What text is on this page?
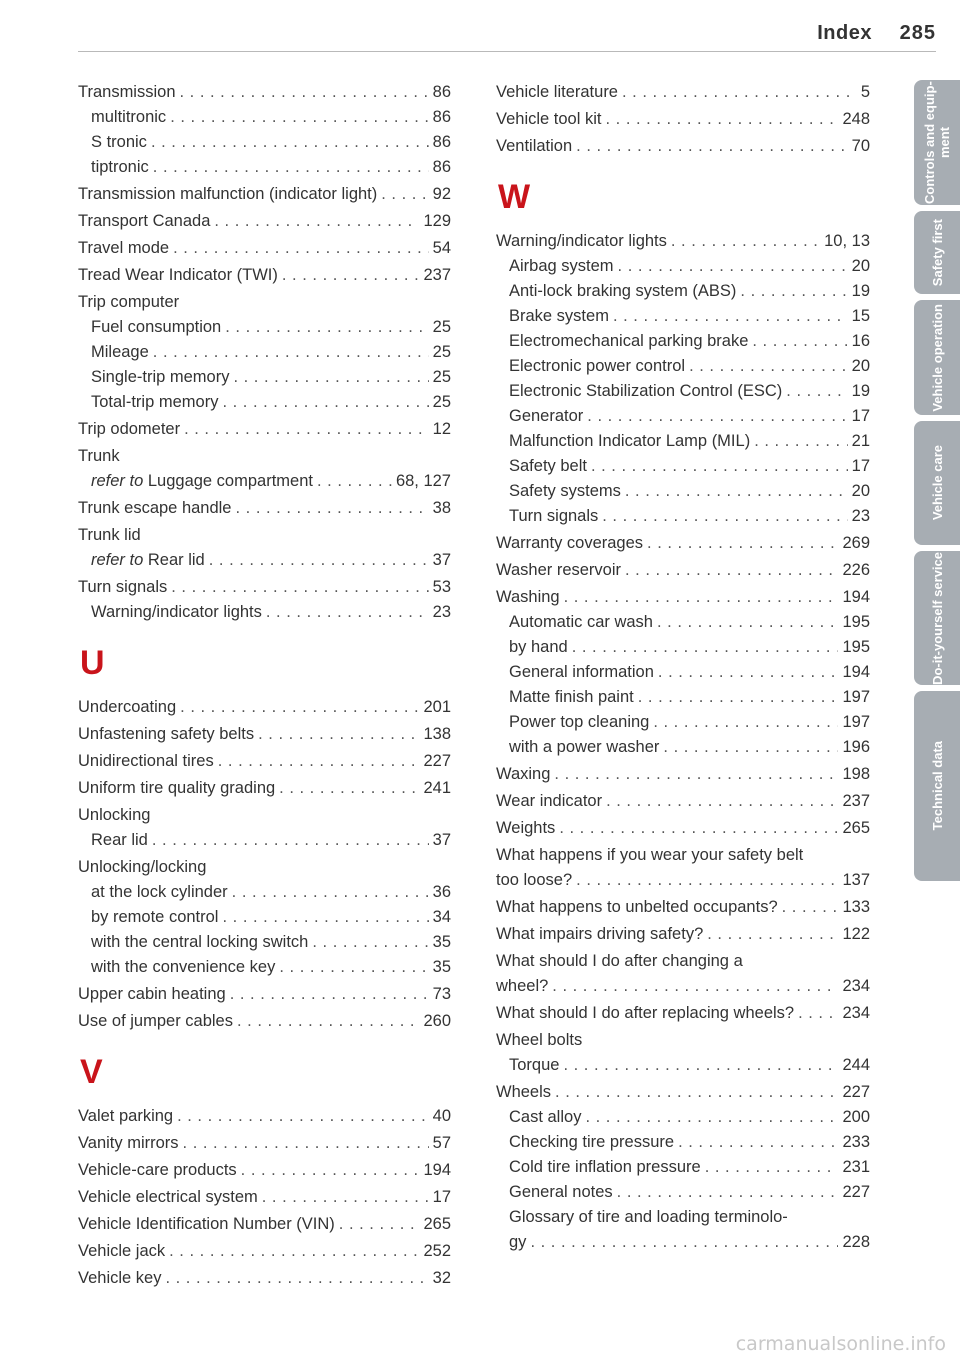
Index 285
Transmission . . .	86
multitronic . . .	86
S tronic . . .	86
tiptronic . . .	86
Transmission malfunction (indicator light) . . .	92
Transport Canada . . .	129
Travel mode . . .	54
Tread Wear Indicator (TWI) . . .	237
Trip computer
Fuel consumption . . .	25
Mileage . . .	25
Single-trip memory . . .	25
Total-trip memory . . .	25
Trip odometer . . .	12
Trunk
refer to Luggage compartment . . .	68, 127
Trunk escape handle . . .	38
Trunk lid
refer to Rear lid . . .	37
Turn signals . . .	53
Warning/indicator lights . . .	23
U
Undercoating . . .	201
Unfastening safety belts . . .	138
Unidirectional tires . . .	227
Uniform tire quality grading . . .	241
Unlocking
Rear lid . . .	37
Unlocking/locking
at the lock cylinder . . .	36
by remote control . . .	34
with the central locking switch . . .	35
with the convenience key . . .	35
Upper cabin heating . . .	73
Use of jumper cables . . .	260
V
Valet parking . . .	40
Vanity mirrors . . .	57
Vehicle-care products . . .	194
Vehicle electrical system . . .	17
Vehicle Identification Number (VIN) . . .	265
Vehicle jack . . .	252
Vehicle key . . .	32
Vehicle literature . . .	5
Vehicle tool kit . . .	248
Ventilation . . .	70
W
Warning/indicator lights . . .	10, 13
Airbag system . . .	20
Anti-lock braking system (ABS) . . .	19
Brake system . . .	15
Electromechanical parking brake . . .	16
Electronic power control . . .	20
Electronic Stabilization Control (ESC) . . .	19
Generator . . .	17
Malfunction Indicator Lamp (MIL) . . .	21
Safety belt . . .	17
Safety systems . . .	20
Turn signals . . .	23
Warranty coverages . . .	269
Washer reservoir . . .	226
Washing . . .	194
Automatic car wash . . .	195
by hand . . .	195
General information . . .	194
Matte finish paint . . .	197
Power top cleaning . . .	197
with a power washer . . .	196
Waxing . . .	198
Wear indicator . . .	237
Weights . . .	265
What happens if you wear your safety belt
too loose? . . .	137
What happens to unbelted occupants? . . .	133
What impairs driving safety? . . .	122
What should I do after changing a
wheel? . . .	234
What should I do after replacing wheels? . . .	234
Wheel bolts
Torque . . .	244
Wheels . . .	227
Cast alloy . . .	200
Checking tire pressure . . .	233
Cold tire inflation pressure . . .	231
General notes . . .	227
Glossary of tire and loading terminolo-
gy . . .	228
Controls and equip-ment
Safety first
Vehicle operation
Vehicle care
Do-it-yourself service
Technical data
carmanualsonline.info
